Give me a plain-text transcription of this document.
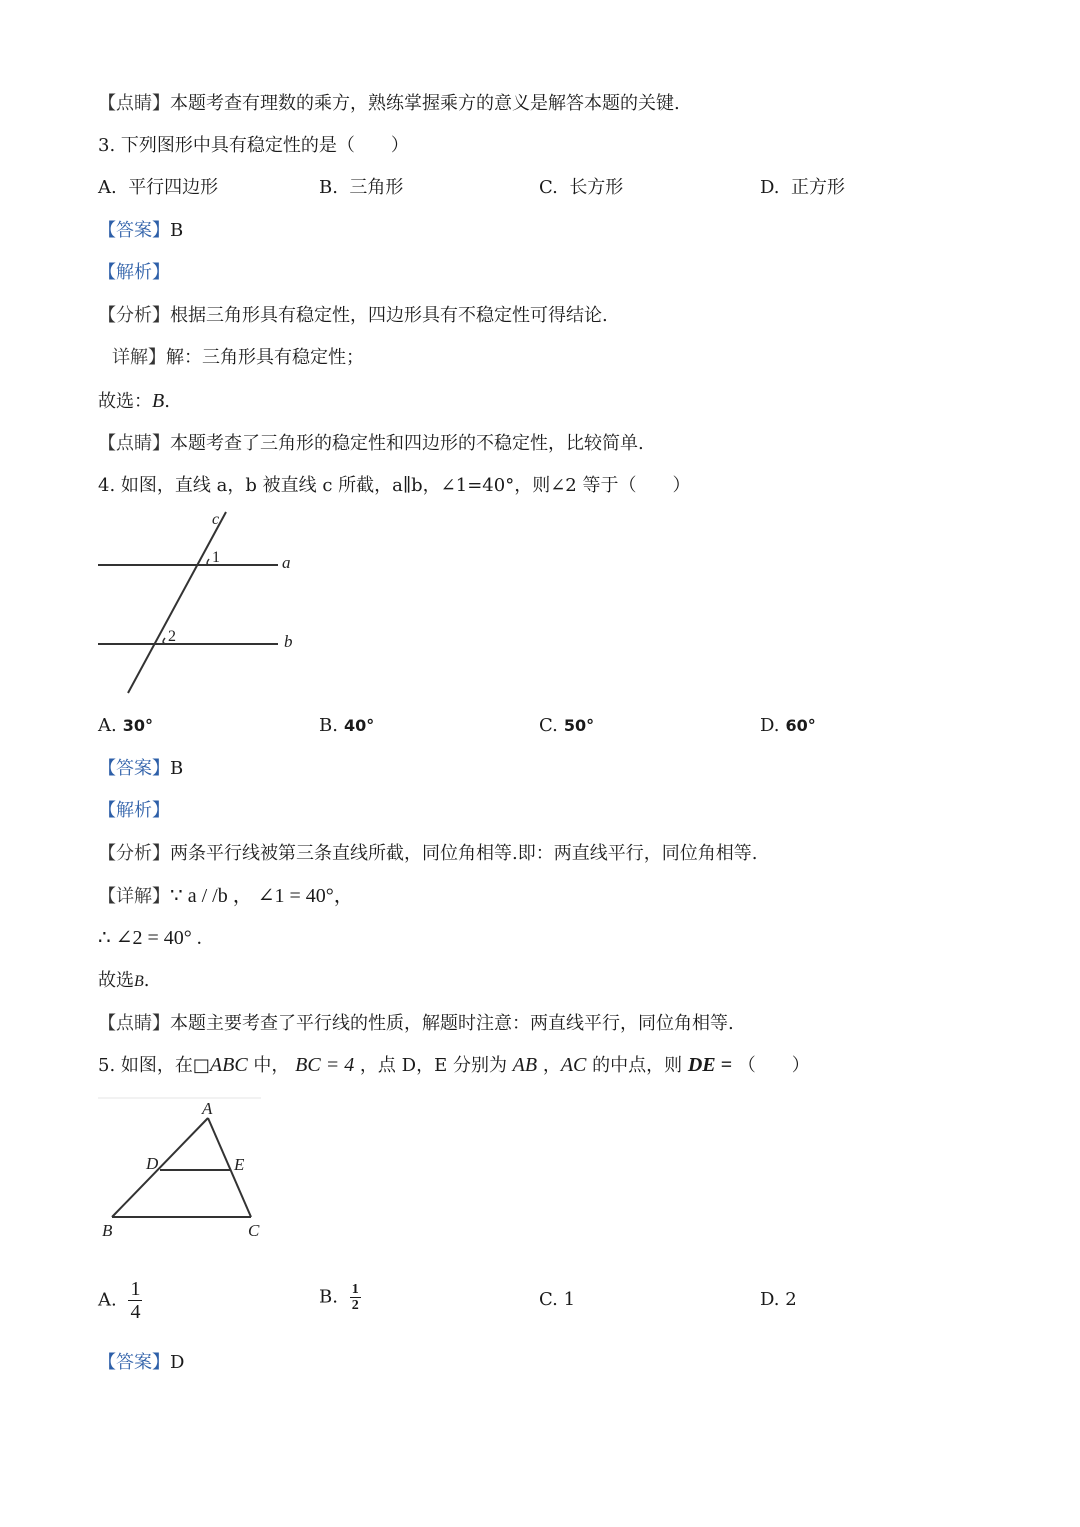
【点睛】本题考查有理数的乘方，熟练掌握乘方的意义是解答本题的关键.
3. 下列图形中具有稳定性的是（　　）
A. 平行四边形	B. 三角形	C. 长方形	D. 正方形
【答案】B
【解析】
【分析】根据三角形具有稳定性，四边形具有不稳定性可得结论.
详解】解：三角形具有稳定性；
故选：B.
【点睛】本题考查了三角形的稳定性和四边形的不稳定性，比较简单.
4. 如图，直线 a，b 被直线 c 所截，a∥b，∠1=40°，则∠2 等于（　　）
c
a
b
1
2
A. 30°	B. 40°	C. 50°	D. 60°
【答案】B
【解析】
【分析】两条平行线被第三条直线所截，同位角相等.即：两直线平行，同位角相等.
【详解】∵ a / /b ， ∠1 = 40°，
∴ ∠2 = 40° .
故选B.
【点睛】本题主要考查了平行线的性质，解题时注意：两直线平行，同位角相等.
5. 如图，在□ABC 中， BC = 4 ，点 D，E 分别为 AB ，AC 的中点，则 DE = （　　）
A
B	C
D	E
A. $\frac{1}{4}$	B. $\frac{1}{2}$	C. 1	D. 2
【答案】D
